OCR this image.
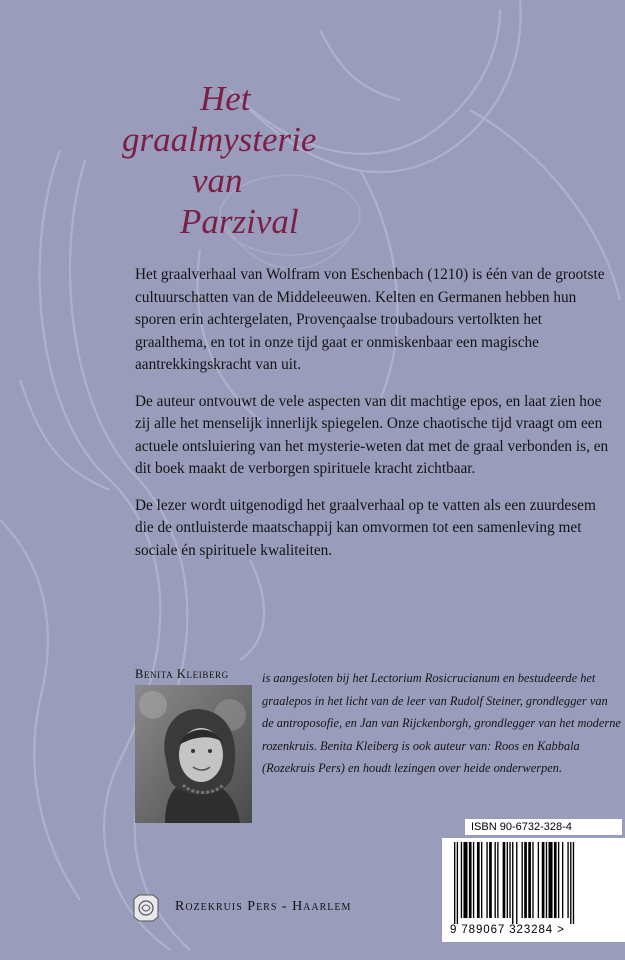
Het
graalmysterie
van
Parzival

Het graalverhaal van Wolfram von Eschenbach (1210) is één van de grootste cultuurschatten van de Middeleeuwen. Kelten en Germanen hebben hun sporen erin achtergelaten, Provençaalse troubadours vertolkten het graalthema, en tot in onze tijd gaat er onmiskenbaar een magische aantrekkingskracht van uit.

De auteur ontvouwt de vele aspecten van dit machtige epos, en laat zien hoe zij alle het menselijk innerlijk spiegelen. Onze chaotische tijd vraagt om een actuele ontsluiering van het mysterie-weten dat met de graal verbonden is, en dit boek maakt de verborgen spirituele kracht zichtbaar.

De lezer wordt uitgenodigd het graalverhaal op te vatten als een zuurdesem die de ontluisterde maatschappij kan omvormen tot een samenleving met sociale én spirituele kwaliteiten.

Benita Kleiberg	is aangesloten bij het Lectorium Rosicrucianum en bestudeerde het graalepos in het licht van de leer van Rudolf Steiner, grondlegger van de antroposofie, en Jan van Rijckenborgh, grondlegger van het moderne rozenkruis. Benita Kleiberg is ook auteur van: Roos en Kabbala (Rozekruis Pers) en houdt lezingen over heide onderwerpen.
ISBN 90-6732-328-4
9 789067 323284 >
Rozekruis Pers - Haarlem
